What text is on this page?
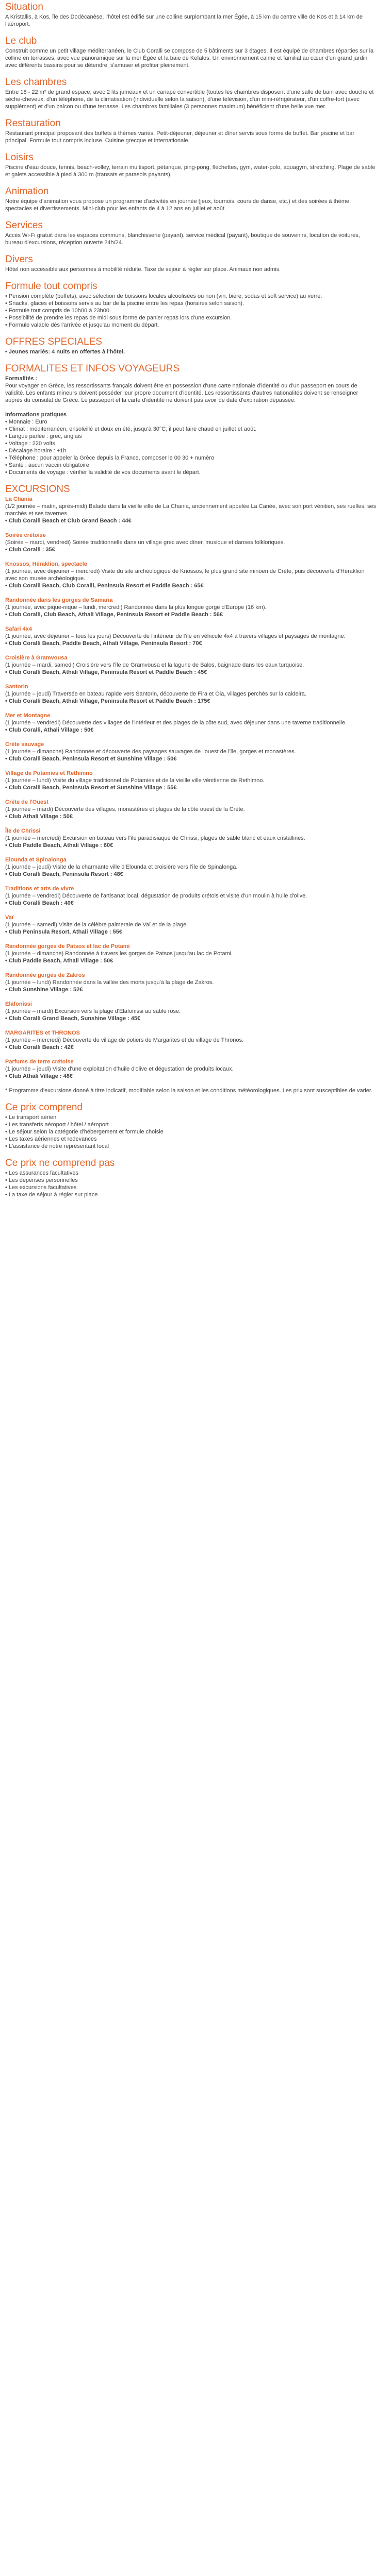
Situation

A Kristallis, à Kos, île des Dodécanèse, l'hôtel est édifié sur une colline surplombant la mer Égée, à 15 km du centre ville de Kos et à 14 km de l'aéroport.

Le club

Construit comme un petit village méditerranéen, le Club Coralli se compose de 5 bâtiments sur 3 étages. Il est équipé de chambres réparties sur la colline en terrasses, avec vue panoramique sur la mer Égée et la baie de Kefalos. Un environnement calme et familial au cœur d'un grand jardin avec différents bassins pour se détendre, s'amuser et profiter pleinement.

Les chambres

Entre 18 - 22 m² de grand espace, avec 2 lits jumeaux et un canapé convertible (toutes les chambres disposent d'une salle de bain avec douche et sèche-cheveux, d'un téléphone, de la climatisation (individuelle selon la saison), d'une télévision, d'un mini-réfrigérateur, d'un coffre-fort (avec supplément) et d'un balcon ou d'une terrasse. Les chambres familiales (3 personnes maximum) bénéficient d'une belle vue mer.

Restauration

Restaurant principal proposant des buffets à thèmes variés. Petit-déjeuner, déjeuner et dîner servis sous forme de buffet. Bar piscine et bar principal. Formule tout compris incluse. Cuisine grecque et internationale.

Loisirs

Piscine d'eau douce, tennis, beach-volley, terrain multisport, pétanque, ping-pong, fléchettes, gym, water-polo, aquagym, stretching. Plage de sable et galets accessible à pied à 300 m (transats et parasols payants).

Animation

Notre équipe d'animation vous propose un programme d'activités en journée (jeux, tournois, cours de danse, etc.) et des soirées à thème, spectacles et divertissements. Mini-club pour les enfants de 4 à 12 ans en juillet et août.

Services

Accès Wi-Fi gratuit dans les espaces communs, blanchisserie (payant), service médical (payant), boutique de souvenirs, location de voitures, bureau d'excursions, réception ouverte 24h/24.

Divers

Hôtel non accessible aux personnes à mobilité réduite. Taxe de séjour à régler sur place. Animaux non admis.

Formule tout compris
• Pension complète (buffets), avec sélection de boissons locales alcoolisées ou non (vin, bière, sodas et soft service) au verre.
• Snacks, glaces et boissons servis au bar de la piscine entre les repas (horaires selon saison).
• Formule tout compris de 10h00 à 23h00.
• Possibilité de prendre les repas de midi sous forme de panier repas lors d'une excursion.
• Formule valable dès l'arrivée et jusqu'au moment du départ.
OFFRES SPECIALES

• Jeunes mariés: 4 nuits en offertes à l'hôtel.

FORMALITES ET INFOS VOYAGEURS

Formalités :

Pour voyager en Grèce, les ressortissants français doivent être en possession d'une carte nationale d'identité ou d'un passeport en cours de validité. Les enfants mineurs doivent posséder leur propre document d'identité. Les ressortissants d'autres nationalités doivent se renseigner auprès du consulat de Grèce. Le passeport et la carte d'identité ne doivent pas avoir de date d'expiration dépassée.

Informations pratiques

• Monnaie : Euro
• Climat : méditerranéen, ensoleillé et doux en été, jusqu'à 30°C; il peut faire chaud en juillet et août.
• Langue parlée : grec, anglais
• Voltage : 220 volts
• Décalage horaire : +1h
• Téléphone : pour appeler la Grèce depuis la France, composer le 00 30 + numéro
• Santé : aucun vaccin obligatoire
• Documents de voyage : vérifier la validité de vos documents avant le départ.
EXCURSIONS

La Chania

(1/2 journée – matin, après-midi) Balade dans la vieille ville de La Chania, anciennement appelée La Canée, avec son port vénitien, ses ruelles, ses marchés et ses tavernes.

• Club Coralli Beach et Club Grand Beach : 44€

Soirée crétoise

(Soirée – mardi, vendredi) Soirée traditionnelle dans un village grec avec dîner, musique et danses folkloriques.

• Club Coralli : 35€

Knossos, Héraklion, spectacle

(1 journée, avec déjeuner – mercredi) Visite du site archéologique de Knossos, le plus grand site minoen de Crète, puis découverte d'Héraklion avec son musée archéologique.

• Club Coralli Beach, Club Coralli, Peninsula Resort et Paddle Beach : 65€

Randonnée dans les gorges de Samaria

(1 journée, avec pique-nique – lundi, mercredi) Randonnée dans la plus longue gorge d'Europe (16 km).

• Club Coralli, Club Beach, Athali Village, Peninsula Resort et Paddle Beach : 56€

Safari 4x4

(1 journée, avec déjeuner – tous les jours) Découverte de l'intérieur de l'île en véhicule 4x4 à travers villages et paysages de montagne.

• Club Coralli Beach, Paddle Beach, Athali Village, Peninsula Resort : 70€

Croisière à Gramvousa

(1 journée – mardi, samedi) Croisière vers l'île de Gramvousa et la lagune de Balos, baignade dans les eaux turquoise.

• Club Coralli Beach, Athali Village, Peninsula Resort et Paddle Beach : 45€

Santorin

(1 journée – jeudi) Traversée en bateau rapide vers Santorin, découverte de Fira et Oia, villages perchés sur la caldeira.

• Club Coralli Beach, Athali Village, Peninsula Resort et Paddle Beach : 175€

Mer et Montagne

(1 journée – vendredi) Découverte des villages de l'intérieur et des plages de la côte sud, avec déjeuner dans une taverne traditionnelle.

• Club Coralli, Athali Village : 50€

Crète sauvage

(1 journée – dimanche) Randonnée et découverte des paysages sauvages de l'ouest de l'île, gorges et monastères.

• Club Coralli Beach, Peninsula Resort et Sunshine Village : 50€

Village de Potamies et Rethimno

(1 journée – lundi) Visite du village traditionnel de Potamies et de la vieille ville vénitienne de Rethimno.

• Club Coralli Beach, Peninsula Resort et Sunshine Village : 55€

Crète de l'Ouest

(1 journée – mardi) Découverte des villages, monastères et plages de la côte ouest de la Crète.

• Club Athali Village : 50€

Île de Chrissi

(1 journée – mercredi) Excursion en bateau vers l'île paradisiaque de Chrissi, plages de sable blanc et eaux cristallines.

• Club Paddle Beach, Athali Village : 60€

Elounda et Spinalonga

(1 journée – jeudi) Visite de la charmante ville d'Elounda et croisière vers l'île de Spinalonga.

• Club Coralli Beach, Peninsula Resort : 48€

Traditions et arts de vivre

(1 journée – vendredi) Découverte de l'artisanat local, dégustation de produits crétois et visite d'un moulin à huile d'olive.

• Club Coralli Beach : 40€

Vaï

(1 journée – samedi) Visite de la célèbre palmeraie de Vaï et de la plage.

• Club Peninsula Resort, Athali Village : 55€

Randonnée gorges de Patsos et lac de Potami

(1 journée – dimanche) Randonnée à travers les gorges de Patsos jusqu'au lac de Potami.

• Club Paddle Beach, Athali Village : 50€

Randonnée gorges de Zakros

(1 journée – lundi) Randonnée dans la vallée des morts jusqu'à la plage de Zakros.

• Club Sunshine Village : 52€

Elafonissi

(1 journée – mardi) Excursion vers la plage d'Elafonissi au sable rose.

• Club Coralli Grand Beach, Sunshine Village : 45€

MARGARITES et THRONOS

(1 journée – mercredi) Découverte du village de potiers de Margarites et du village de Thronos.

• Club Coralli Beach : 42€

Parfums de terre crétoise

(1 journée – jeudi) Visite d'une exploitation d'huile d'olive et dégustation de produits locaux.

• Club Athali Village : 48€

* Programme d'excursions donné à titre indicatif, modifiable selon la saison et les conditions météorologiques. Les prix sont susceptibles de varier.

Ce prix comprend
• Le transport aérien
• Les transferts aéroport / hôtel / aéroport
• Le séjour selon la catégorie d'hébergement et formule choisie
• Les taxes aériennes et redevances
• L'assistance de notre représentant local
Ce prix ne comprend pas
• Les assurances facultatives
• Les dépenses personnelles
• Les excursions facultatives
• La taxe de séjour à régler sur place
